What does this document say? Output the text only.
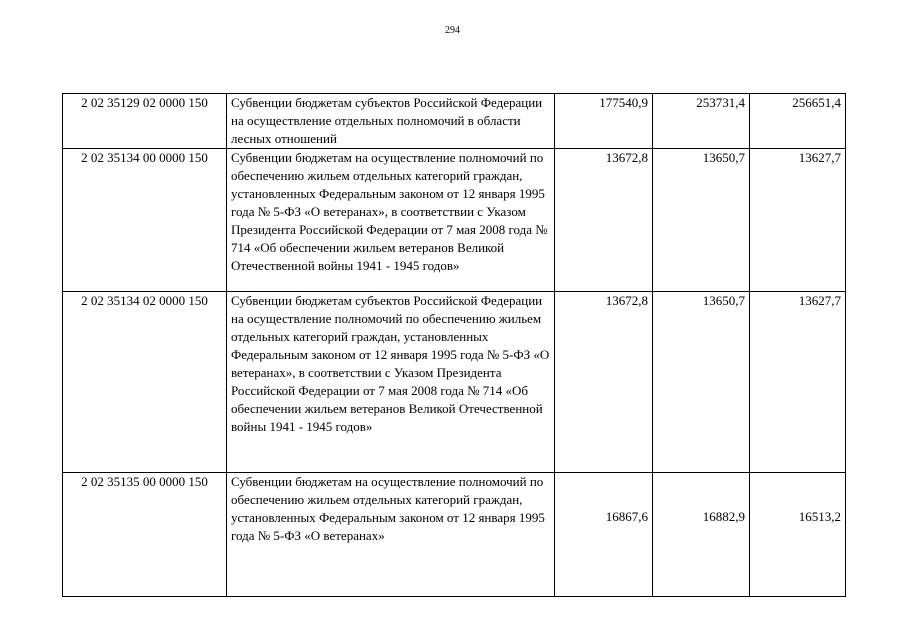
294
2 02 35129 02 0000 150	Субвенции бюджетам субъектов Российской Федерации на осуществление отдельных полномочий в области лесных отношений	177540,9	253731,4	256651,4
2 02 35134 00 0000 150	Субвенции бюджетам на осуществление полномочий по обеспечению жильем отдельных категорий граждан, установленных Федеральным законом от 12 января 1995 года № 5-ФЗ «О ветеранах», в соответствии с Указом Президента Российской Федерации от 7 мая 2008 года № 714 «Об обеспечении жильем ветеранов Великой Отечественной войны 1941 - 1945 годов»	13672,8	13650,7	13627,7
2 02 35134 02 0000 150	Субвенции бюджетам субъектов Российской Федерации на осуществление полномочий по обеспечению жильем отдельных категорий граждан, установленных Федеральным законом от 12 января 1995 года № 5-ФЗ «О ветеранах», в соответствии с Указом Президента Российской Федерации от 7 мая 2008 года № 714 «Об обеспечении жильем ветеранов Великой Отечественной войны 1941 - 1945 годов»	13672,8	13650,7	13627,7
2 02 35135 00 0000 150	Субвенции бюджетам на осуществление полномочий по обеспечению жильем отдельных категорий граждан, установленных Федеральным законом от 12 января 1995 года № 5-ФЗ «О ветеранах»	16867,6	16882,9	16513,2
